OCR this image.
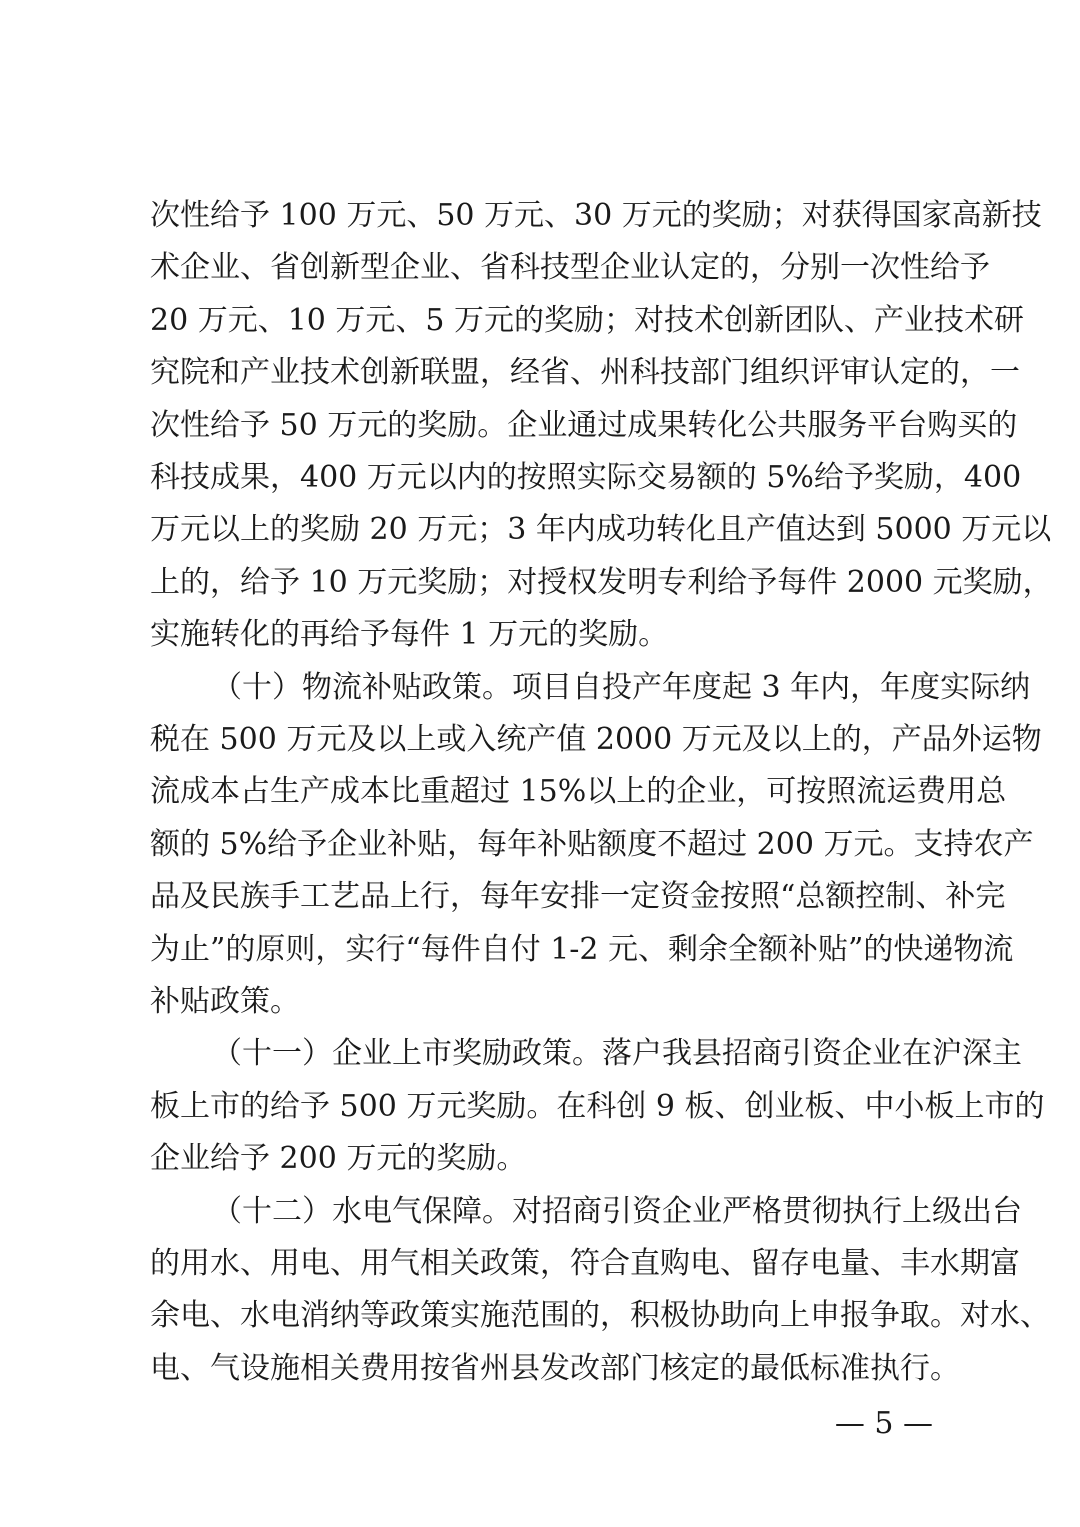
次性给予 100 万元、50 万元、30 万元的奖励；对获得国家高新技
术企业、省创新型企业、省科技型企业认定的，分别一次性给予
20 万元、10 万元、5 万元的奖励；对技术创新团队、产业技术研
究院和产业技术创新联盟，经省、州科技部门组织评审认定的，一
次性给予 50 万元的奖励。企业通过成果转化公共服务平台购买的
科技成果，400 万元以内的按照实际交易额的 5%给予奖励，400
万元以上的奖励 20 万元；3 年内成功转化且产值达到 5000 万元以
上的，给予 10 万元奖励；对授权发明专利给予每件 2000 元奖励，
实施转化的再给予每件 1 万元的奖励。
（十）物流补贴政策。项目自投产年度起 3 年内，年度实际纳
税在 500 万元及以上或入统产值 2000 万元及以上的，产品外运物
流成本占生产成本比重超过 15%以上的企业，可按照流运费用总
额的 5%给予企业补贴，每年补贴额度不超过 200 万元。支持农产
品及民族手工艺品上行，每年安排一定资金按照“总额控制、补完
为止”的原则，实行“每件自付 1-2 元、剩余全额补贴”的快递物流
补贴政策。
（十一）企业上市奖励政策。落户我县招商引资企业在沪深主
板上市的给予 500 万元奖励。在科创 9 板、创业板、中小板上市的
企业给予 200 万元的奖励。
（十二）水电气保障。对招商引资企业严格贯彻执行上级出台
的用水、用电、用气相关政策，符合直购电、留存电量、丰水期富
余电、水电消纳等政策实施范围的，积极协助向上申报争取。对水、
电、气设施相关费用按省州县发改部门核定的最低标准执行。
— 5 —
